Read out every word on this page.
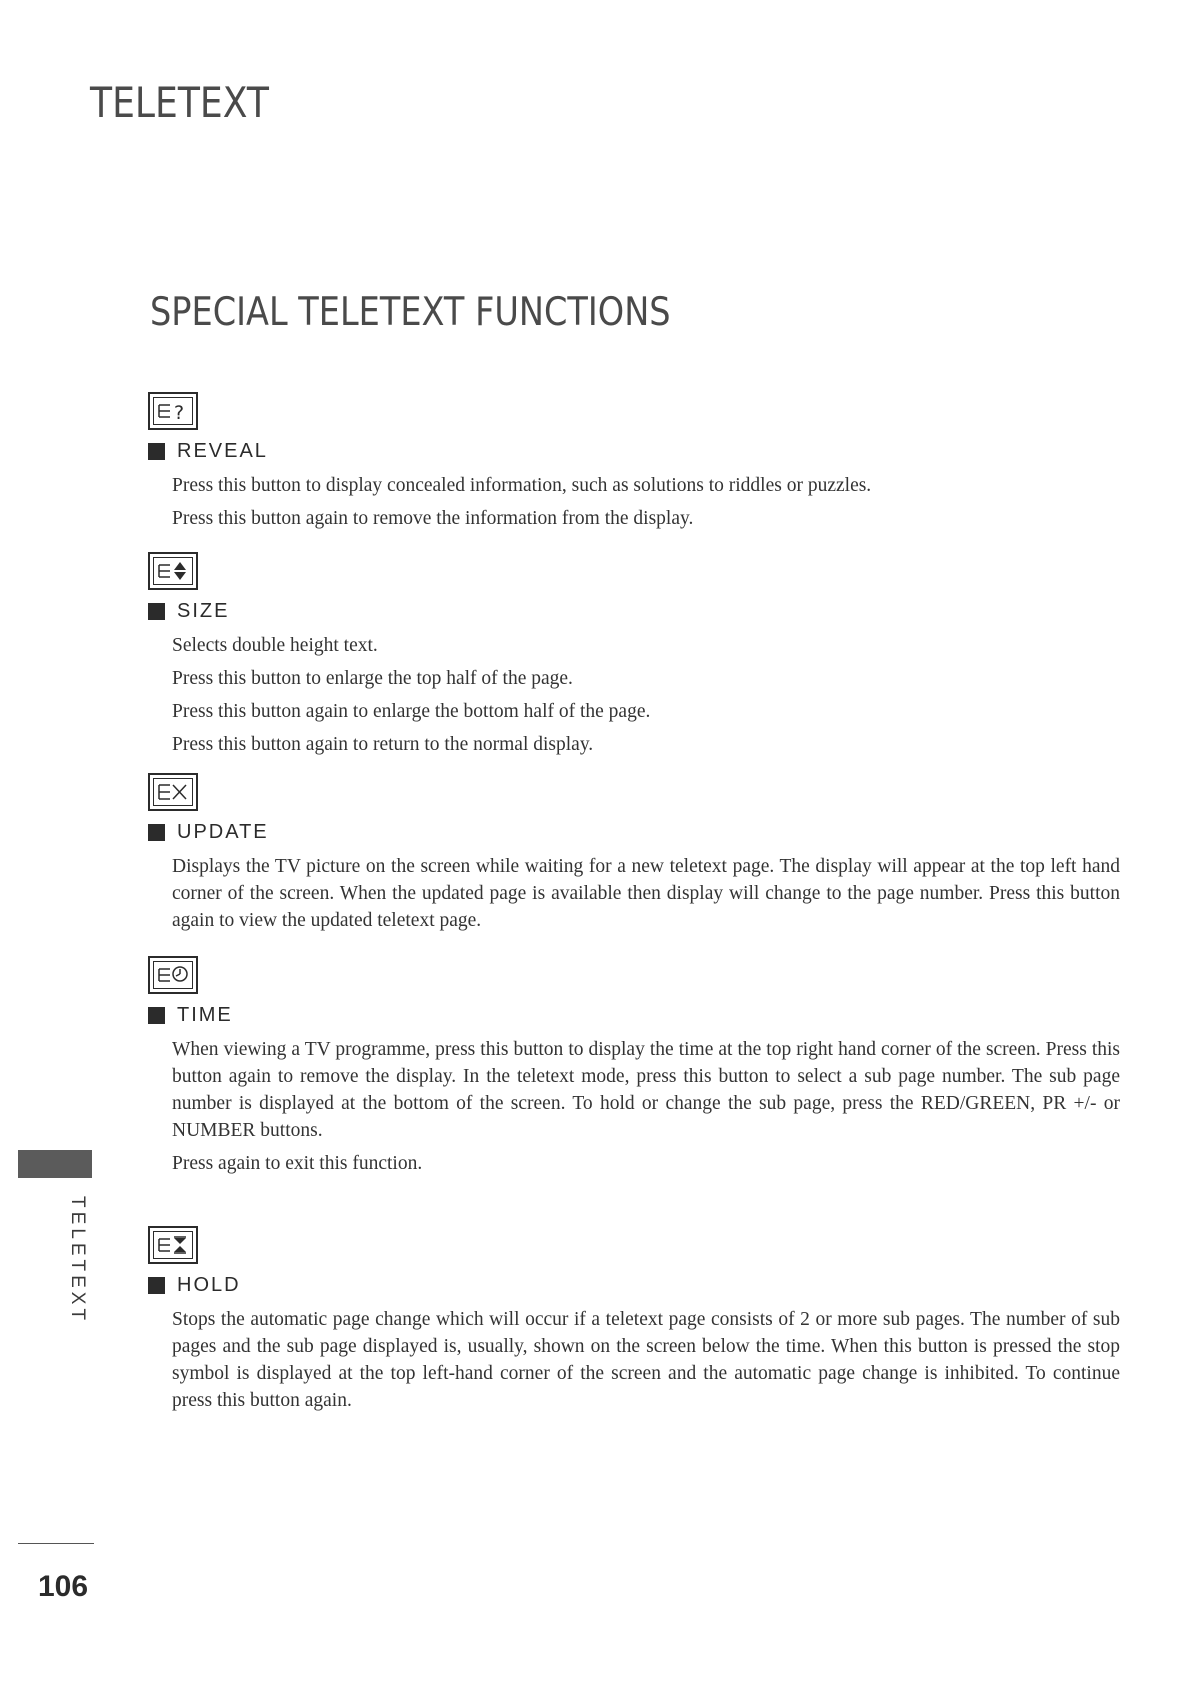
TELETEXT
SPECIAL TELETEXT FUNCTIONS
?
REVEAL

Press this button to display concealed information, such as solutions to riddles or puzzles.

Press this button again to remove the information from the display.

SIZE

Selects double height text.

Press this button to enlarge the top half of the page.

Press this button again to enlarge the bottom half of the page.

Press this button again to return to the normal display.

UPDATE

Displays the TV picture on the screen while waiting for a new teletext page. The display will appear at the top left hand corner of the screen. When the updated page is available then display will change to the page number. Press this button again to view the updated teletext page.

TIME

When viewing a TV programme, press this button to display the time at the top right hand corner of the screen. Press this button again to remove the display. In the teletext mode, press this button to select a sub page number. The sub page number is displayed at the bottom of the screen. To hold or change the sub page, press the RED/GREEN, PR +/- or NUMBER buttons.

Press again to exit this function.

HOLD

Stops the automatic page change which will occur if a teletext page consists of 2 or more sub pages. The number of sub pages and the sub page displayed is, usually, shown on the screen below the time. When this button is pressed the stop symbol is displayed at the top left-hand corner of the screen and the automatic page change is inhibited. To continue press this button again.

TELETEXT
106
